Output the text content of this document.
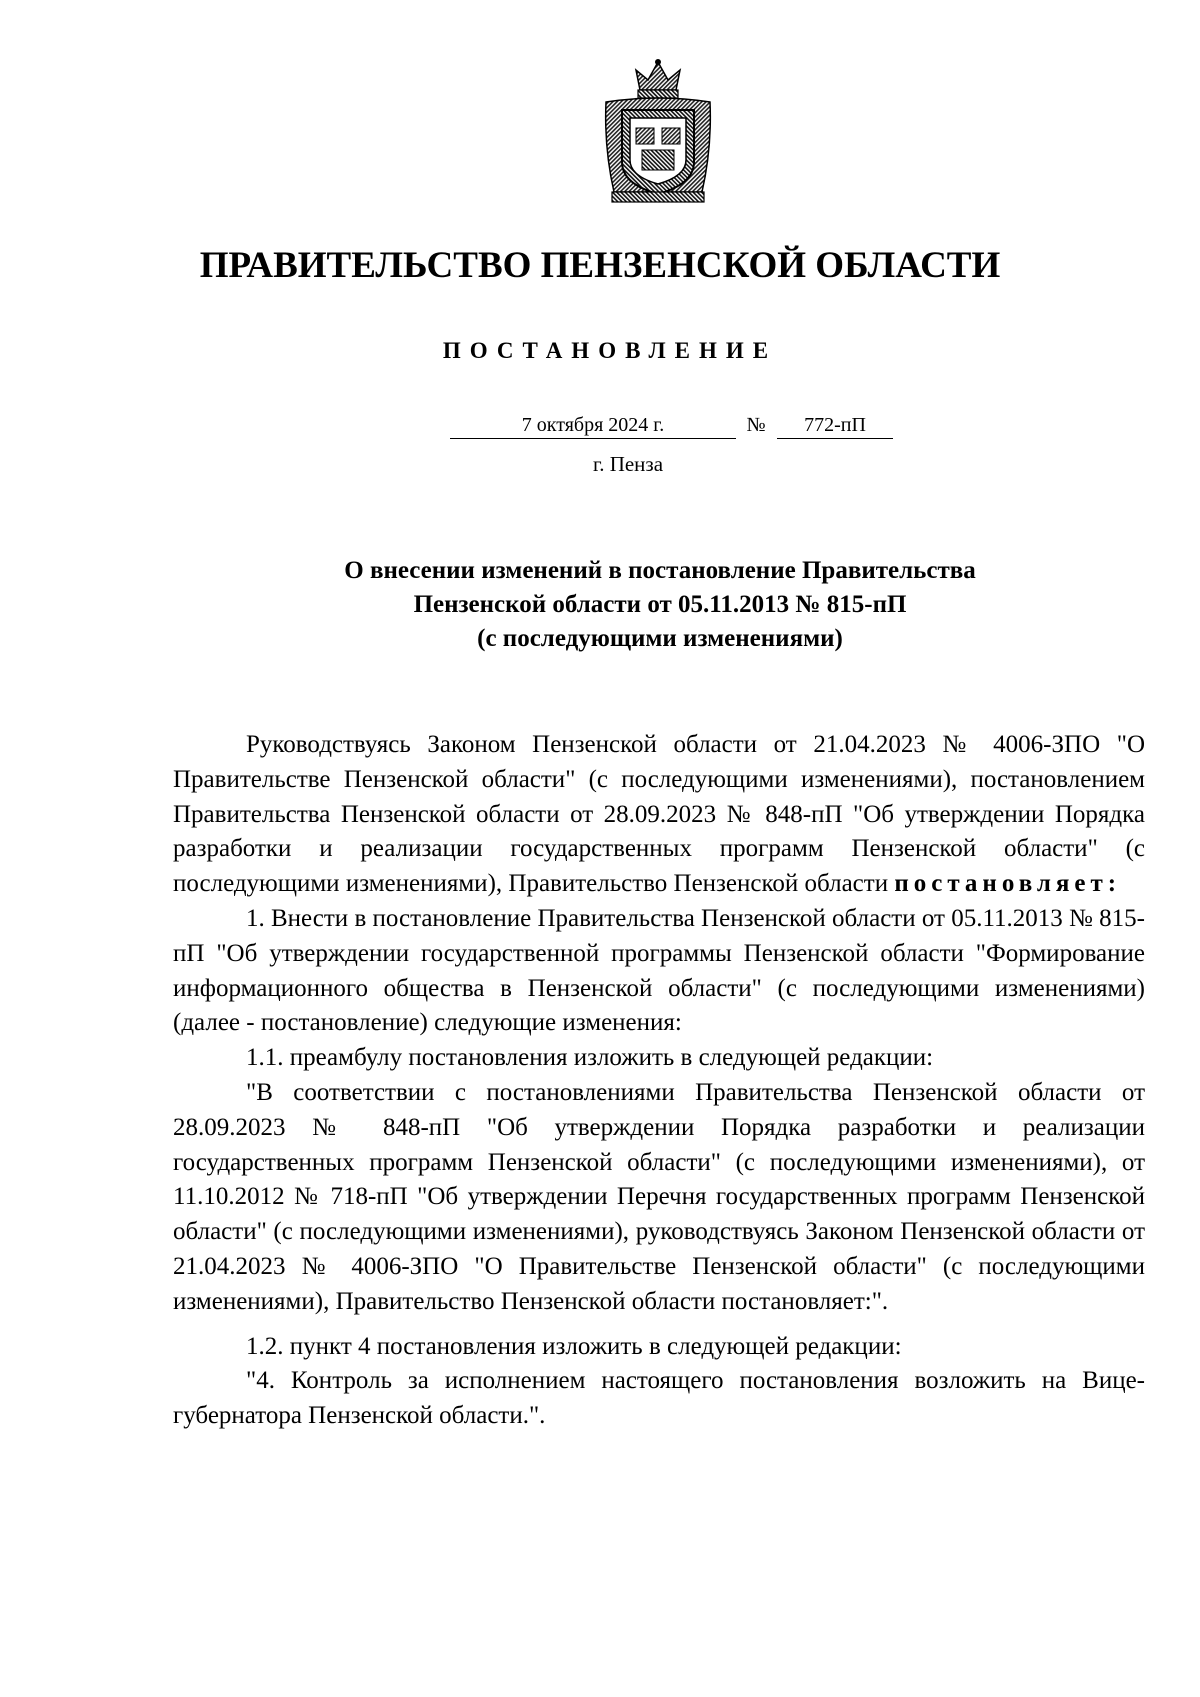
ПРАВИТЕЛЬСТВО ПЕНЗЕНСКОЙ ОБЛАСТИ
ПОСТАНОВЛЕНИЕ
7 октября 2024 г.	№	772-пП

г. Пенза

О внесении изменений в постановление Правительства
Пензенской области от 05.11.2013 № 815-пП
(с последующими изменениями)

Руководствуясь Законом Пензенской области от 21.04.2023 № 4006-ЗПО "О Правительстве Пензенской области" (с последующими изменениями), постановлением Правительства Пензенской области от 28.09.2023 № 848-пП "Об утверждении Порядка разработки и реализации государственных программ Пензенской области" (с последующими изменениями), Правительство Пензенской области постановляет:

1. Внести в постановление Правительства Пензенской области от 05.11.2013 № 815-пП "Об утверждении государственной программы Пензенской области "Формирование информационного общества в Пензенской области" (с последующими изменениями) (далее - постановление) следующие изменения:

1.1. преамбулу постановления изложить в следующей редакции:

"В соответствии с постановлениями Правительства Пензенской области от 28.09.2023 № 848-пП "Об утверждении Порядка разработки и реализации государственных программ Пензенской области" (с последующими изменениями), от 11.10.2012 № 718-пП "Об утверждении Перечня государственных программ Пензенской области" (с последующими изменениями), руководствуясь Законом Пензенской области от 21.04.2023 № 4006-ЗПО "О Правительстве Пензенской области" (с последующими изменениями), Правительство Пензенской области постановляет:".

1.2. пункт 4 постановления изложить в следующей редакции:

"4. Контроль за исполнением настоящего постановления возложить на Вице-губернатора Пензенской области.".
